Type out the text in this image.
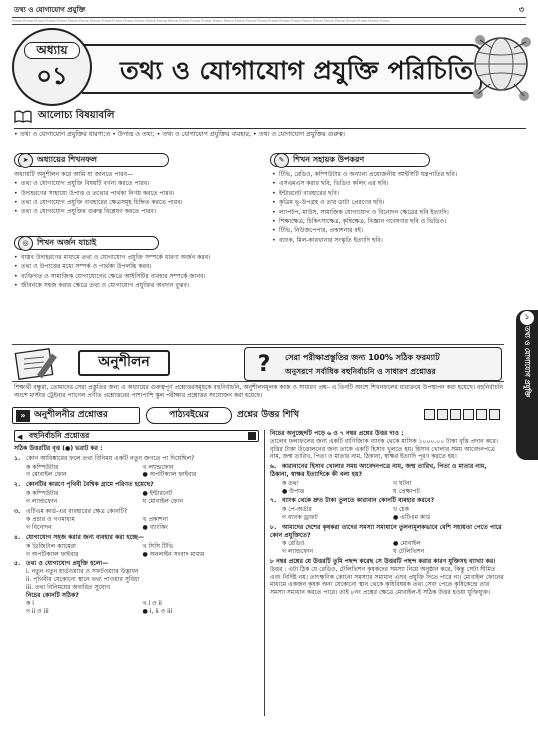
তথ্য ও যোগাযোগ প্রযুক্তি	৩
Prime Prime Prime Prime Prime Prime Prime Prime Prime Prime Prime Prime Prime Prime Prime Prime Prime Prime Prime Prime Prime Prime Prime Prime Prime Prime Prime Prime Prime Prime Prime Prime Prime Prime
তথ্য ও যোগাযোগ প্রযুক্তি পরিচিতি
অধ্যায়
০১
আলোচ্য বিষয়াবলি
• তথ্য ও যোগাযোগ প্রযুক্তির ধারণা;ত • উপাত্ত ও তথ্য; • তথ্য ও যোগাযোগ প্রযুক্তির ব্যবহার; • তথ্য ও যোগাযোগ প্রযুক্তির গুরুত্ব।
➤	অধ্যায়ের শিখনফল

অধ্যায়টি অনুশীলন করে আমি যা জানতে পারব—

• তথ্য ও যোগাযোগ প্রযুক্তি বিষয়টি বর্ণনা করতে পারব।
• উদাহরণের সাহায্যে উপাত্ত ও তথ্যের পার্থক্য নির্ণয় করতে পারব।
• তথ্য ও যোগাযোগ প্রযুক্তি ব্যবহারের ক্ষেত্রসমূহ চিহ্নিত করতে পারব।
• তথ্য ও যোগাযোগ প্রযুক্তির গুরুত্ব বিশ্লেষণ করতে পারব।
◎	শিখন অর্জন যাচাই
• বাস্তব উদাহরণের মাধ্যমে তথ্য ও যোগাযোগ প্রযুক্তি সম্পর্কে ধারণা অর্জন করব।
• তথ্য ও উপাত্তের মধ্যে সম্পর্ক ও পার্থক্য উপলব্ধি করব।
• ব্যক্তিগত ও সামাজিক যোগাযোগের ক্ষেত্রে আইসিটির ব্যবহার সম্পর্কে জানব।
• জীবনকে সহজ করার ক্ষেত্রে তথ্য ও যোগাযোগ প্রযুক্তির অবদান বুঝব।
✎	শিখন সহায়ক উপকরণ
• টিভি, রেডিও, কম্পিউটার ও অন্যান্য প্রয়োজনীয় আইসিটি যন্ত্রপাতির ছবি।
• এসএমএস করার ছবি, ভিডিও কলিং এর ছবি।
• ইন্টারনেট ব্যবহারের ছবি।
• কৃত্রিম ভূ-উপগ্রহ ও তার ডাটা প্রেরণের ছবি।
• ল্যাপটপ, মাউস, সামাজিক যোগাযোগ ও বিনোদন ক্ষেত্রের ছবি ইত্যাদি।
• শিক্ষাক্ষেত্র, চিকিৎসাক্ষেত্র, কৃষিক্ষেত্র, বিজ্ঞান গবেষণার ছবি ও ভিডিও।
• টিভি, নিউজপেপার, প্রকাশনার বই।
• ব্যাংক, মিল-কারখানার সংস্কৃতি ইত্যাদি ছবি।
১
তথ্য ও যোগাযোগ প্রযুক্তি
অনুশীলন	?	সেরা পরীক্ষাপ্রস্তুতির জন্য 100% সঠিক ফরম্যাট
অনুসরণে সর্বাধিক বহুনির্বাচনি ও সাধারণ প্রশ্নোত্তর
শিক্ষার্থী বন্ধুরা, তোমাদের সেরা প্রস্তুতির জন্য এ অধ্যায়ের গুরুত্বপূর্ণ প্রশ্নোত্তরসমূহকে বহুনির্বাচনি, অনুশীলনমূলক কাজ ও সাধারণ প্রশ্ন– এ তিনটি অংশে শিখনফলের ধারাক্রমে উপস্থাপন করা হয়েছে। বহুনির্বাচনি অংশে মাস্টার ট্রেইনার প্যানেল প্রণীত প্রশ্নোত্তরের পাশাপাশি স্কুল পরীক্ষার প্রশ্নোত্তর সংযোজন করা হয়েছে।
» অনুশীলনীর প্রশ্নোত্তর	পাঠ্যবইয়ের	প্রশ্নের উত্তর শিখি
◀ বহুনির্বাচনি প্রশ্নোত্তর
সঠিক উত্তরটির বৃত্ত (●) ভরাট কর :
১. কোন আবিষ্কারের ফলে তথ্য বিনিময় একটি নতুন জগতে পা দিয়েছিল?
ক কম্পিউটার	খ ল্যান্ডফোন
গ মোবাইল ফোন	● অপটিক্যাল ফাইবার
২. কোনটির কারণে পৃথিবী বৈশ্বিক গ্রামে পরিণত হয়েছে?
ক কম্পিউটার	● ইন্টারনেট
গ ল্যান্ডফোন	ঘ মোবাইল ফোন
৩. এটিএম কার্ড-এর ব্যবহারের ক্ষেত্র কোনটি?
ক প্রচার ও গণমাধ্যম	খ প্রকাশনা
গ বিনোদন	● ব্যাংকিং
৪. যোগাযোগ সহজ করার জন্য ব্যবহার করা হচ্ছে—
ক ডিজিটাল ক্যামেরা	খ সিসি টিভি
গ অপটিক্যাল ফাইবার	● অনলাইন সংবাদ মাধ্যম
৫. তথ্য ও যোগাযোগ প্রযুক্তি হলো—
i. নতুন নতুন হার্ডওয়্যার ও সফটওয়্যার উদ্ভাবন
ii. পৃথিবীর যেকোনো স্থানে তথ্য পাওয়ার সুবিধা
iii. তথ্য বিনিময়ের অবারিত সুযোগ
নিচের কোনটি সঠিক?
ক i	খ i ও ii
গ ii ও iii	● i, ii ও iii
নিচের অনুচ্ছেদটি পড়ে ৬ ও ৭ নম্বর প্রশ্নের উত্তর দাও :
তালেব ফলাফলের জন্য একটি বাণিজ্যিক ব্যাংক থেকে মাসিক ১০০০.০০ টাকা বৃত্তি প্রদান করে। বৃত্তির টাকা উত্তোলনের জন্য তাকে একটি হিসাব খুলতে হয়। হিসাব খোলার সময় আবেদনপত্রে নাম, জন্ম তারিখ, পিতা ও মাতার নাম, ঠিকানা, স্বাক্ষর ইত্যাদি পূরণ করতে হয়।
৬. কারাবানের হিসাব খোলার সময় আবেদনপত্রে নাম, জন্ম তারিখ, পিতা ও মাতার নাম, ঠিকানা, স্বাক্ষর ইত্যাদিকে কী বলা হয়?
ক তথ্য	খ ঘটনা
● উপাত্ত	ঘ প্রেক্ষাপট
৭. ব্যাংক থেকে দ্রুত টাকা তুলতে কারাবান কোনটি ব্যবহার করবে?
ক পে-অর্ডার	খ চেক
গ ব্যাংক ড্রাফট	● এটিএম কার্ড
৮. আমাদের দেশের কৃষকরা তাদের সমস্যা সমাধানে তুলনামূলকভাবে বেশি সহায়তা পেতে পারে কোন প্রযুক্তিতে?
ক রেডিও	● মোবাইল
গ ল্যান্ডফোন	ঘ টেলিভিশন
৮ নম্বর প্রশ্নের যে উত্তরটি তুমি পছন্দ করেছ সে উত্তরটি পছন্দ করার কারণ যুক্তিসহ ব্যাখ্যা কর।
উত্তর : এটা ঠিক যে রেডিও, টেলিভিশন কৃষকদের সমস্যা নিয়ে অনুষ্ঠান করে, কিন্তু সেটা সীমিত এবং নির্দিষ্ট নয়। তাৎক্ষণিক কোনো সমস্যার সমাধান এসব প্রযুক্তি দিতে পারে না। মোবাইল ফোনের মাধ্যমে একজন কৃষক অন্য যেকোনো স্থান থেকে কৃষিবিষয়ক তথ্য সেবা পেতে কৃষিকেন্দ্রে তার সমস্যা সমাধান করতে পারে। তাই ৮নং প্রশ্নের ক্ষেত্রে মোবাইল-ই সঠিক উত্তর হওয়া যুক্তিযুক্ত।
